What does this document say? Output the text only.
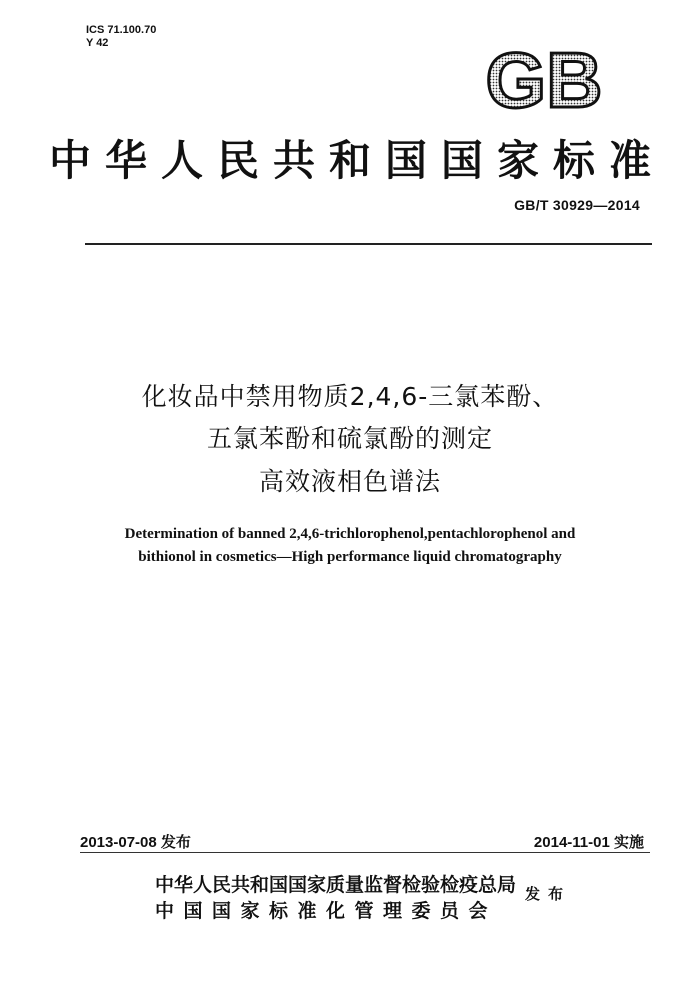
ICS 71.100.70
Y 42	GB
中华人民共和国国家标准
GB/T 30929—2014
化妆品中禁用物质2,4,6-三氯苯酚、
五氯苯酚和硫氯酚的测定
高效液相色谱法
Determination of banned 2,4,6-trichlorophenol,pentachlorophenol and
bithionol in cosmetics—High performance liquid chromatography
2013-07-08 发布	2014-11-01 实施
中华人民共和国国家质量监督检验检疫总局
中国国家标准化管理委员会
发布
